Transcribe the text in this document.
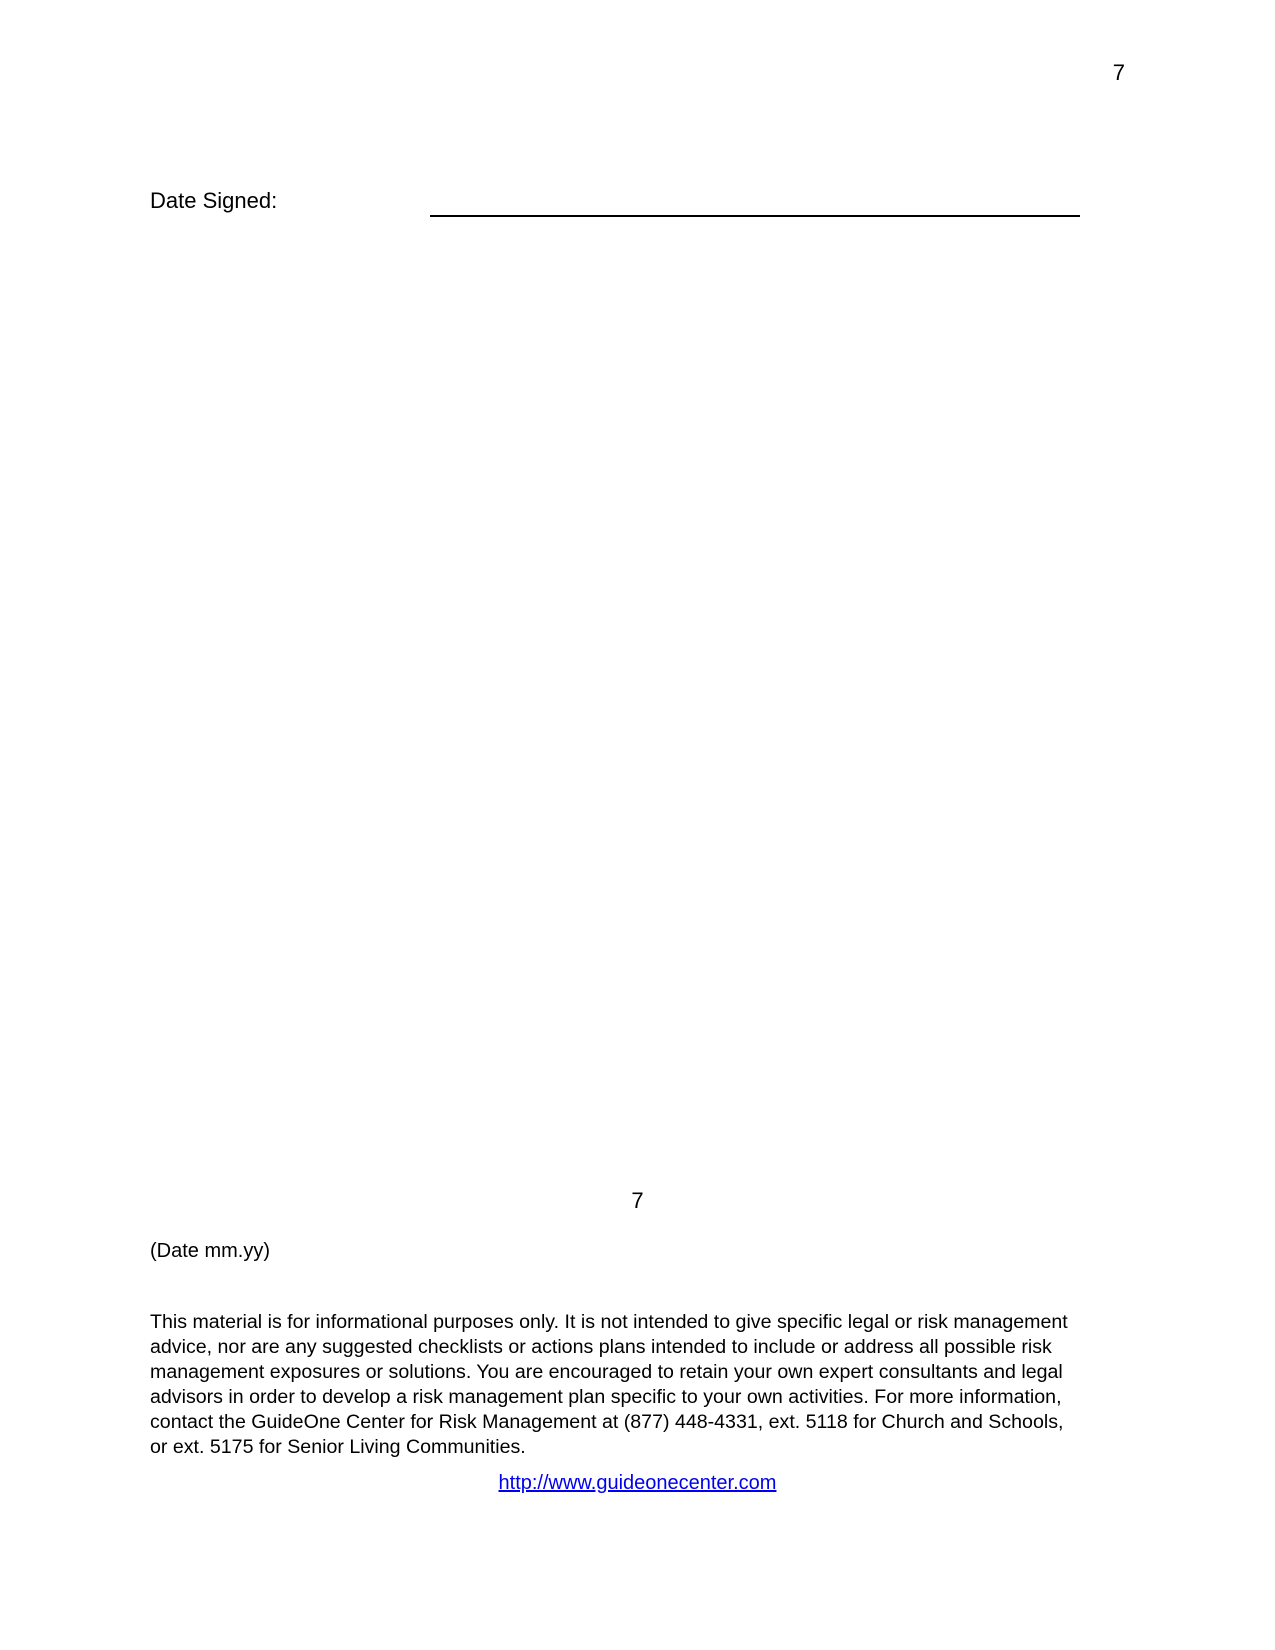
7
Date Signed:
7
(Date mm.yy)

This material is for informational purposes only. It is not intended to give specific legal or risk management
advice, nor are any suggested checklists or actions plans intended to include or address all possible risk
management exposures or solutions. You are encouraged to retain your own expert consultants and legal
advisors in order to develop a risk management plan specific to your own activities. For more information,
contact the GuideOne Center for Risk Management at (877) 448-4331, ext. 5118 for Church and Schools,
or ext. 5175 for Senior Living Communities.

http://www.guideonecenter.com
